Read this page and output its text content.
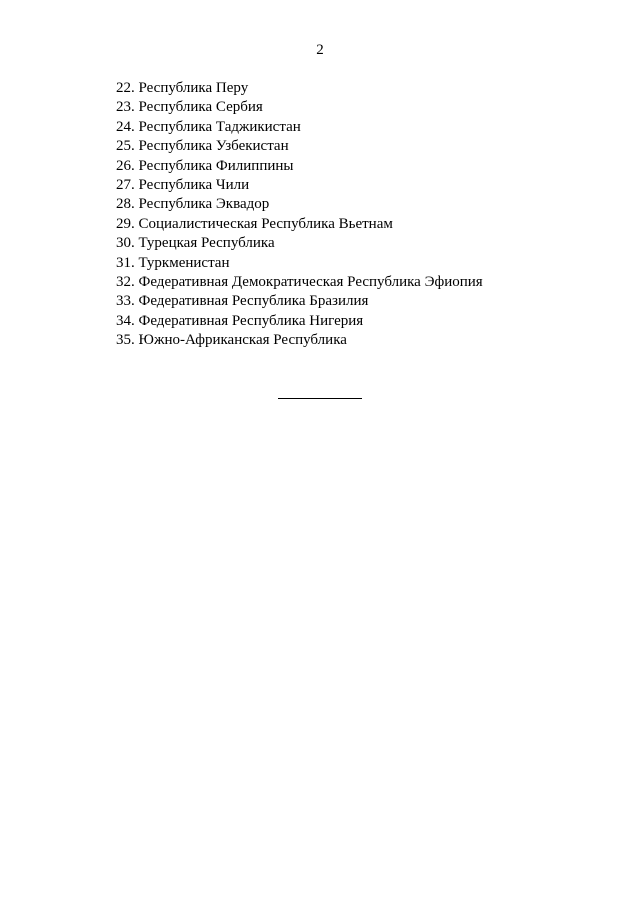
2
22. Республика Перу
23. Республика Сербия
24. Республика Таджикистан
25. Республика Узбекистан
26. Республика Филиппины
27. Республика Чили
28. Республика Эквадор
29. Социалистическая Республика Вьетнам
30. Турецкая Республика
31. Туркменистан
32. Федеративная Демократическая Республика Эфиопия
33. Федеративная Республика Бразилия
34. Федеративная Республика Нигерия
35. Южно-Африканская Республика
